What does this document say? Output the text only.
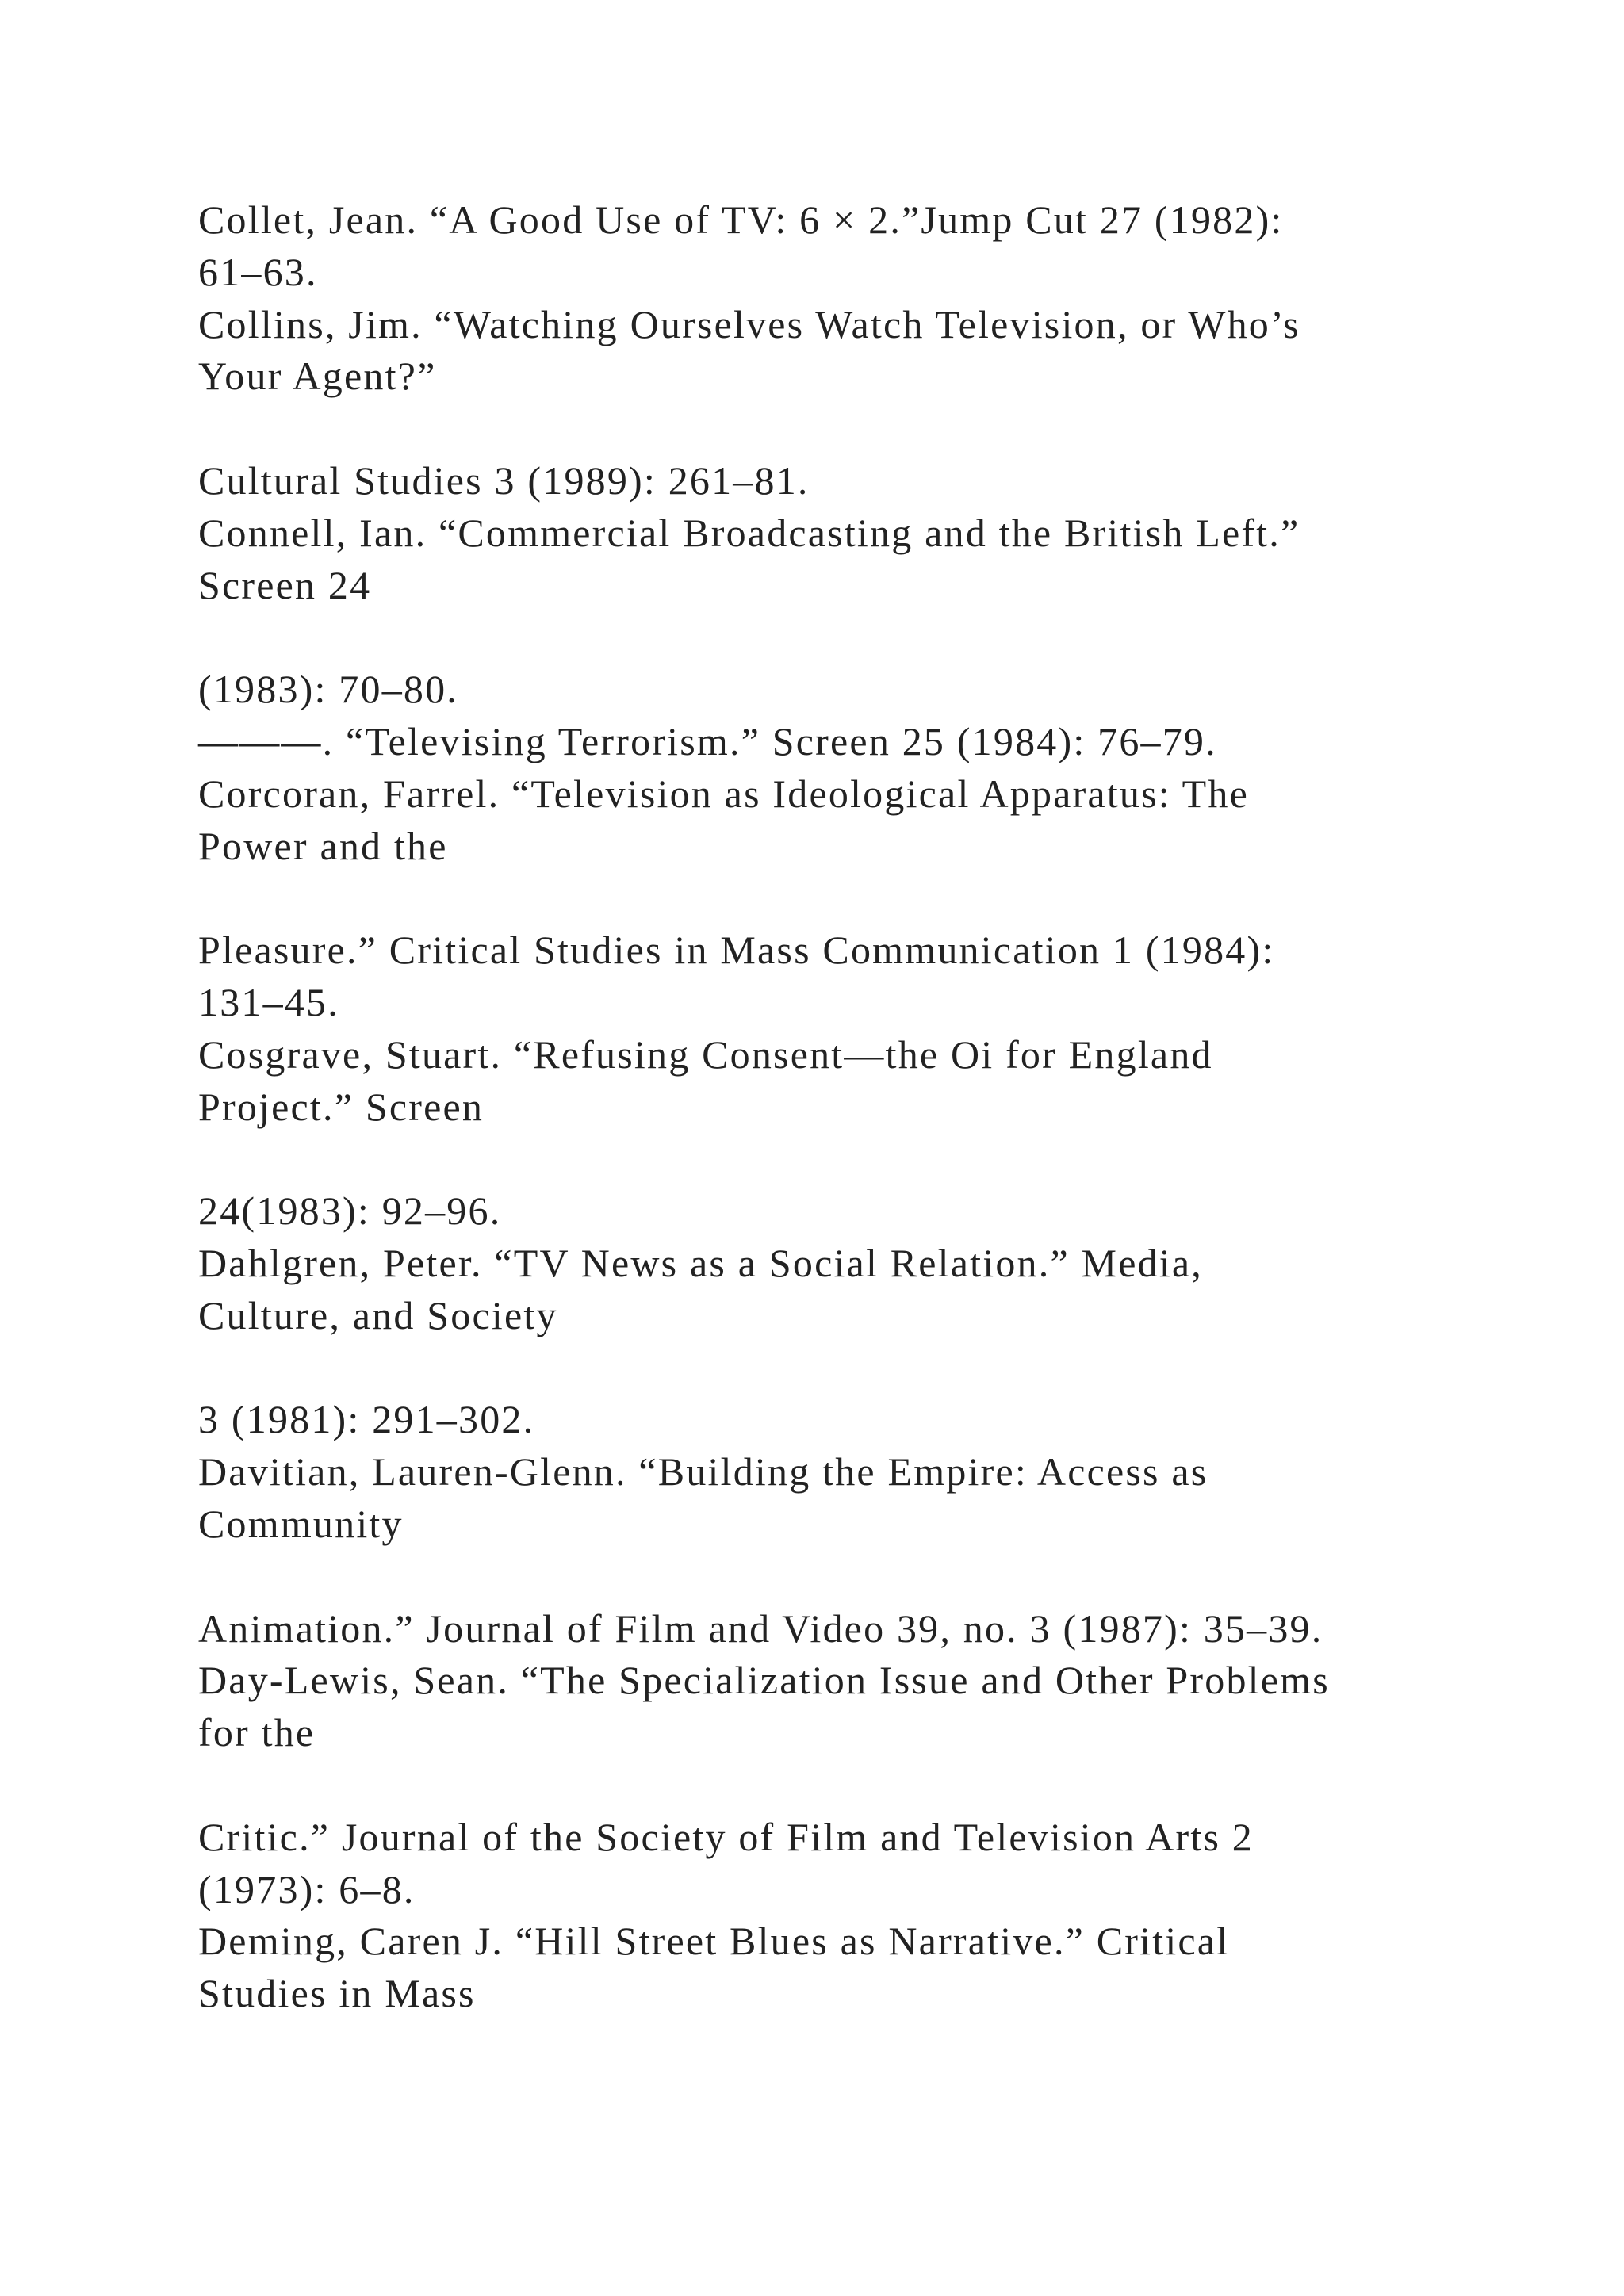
Collet, Jean. “A Good Use of TV: 6 × 2.”Jump Cut 27 (1982):
61–63.
Collins, Jim. “Watching Ourselves Watch Television, or Who’s
Your Agent?”
Cultural Studies 3 (1989): 261–81.
Connell, Ian. “Commercial Broadcasting and the British Left.”
Screen 24
(1983): 70–80.
———. “Televising Terrorism.” Screen 25 (1984): 76–79.
Corcoran, Farrel. “Television as Ideological Apparatus: The
Power and the
Pleasure.” Critical Studies in Mass Communication 1 (1984):
131–45.
Cosgrave, Stuart. “Refusing Consent—the Oi for England
Project.” Screen
24(1983): 92–96.
Dahlgren, Peter. “TV News as a Social Relation.” Media,
Culture, and Society
3 (1981): 291–302.
Davitian, Lauren-Glenn. “Building the Empire: Access as
Community
Animation.” Journal of Film and Video 39, no. 3 (1987): 35–39.
Day-Lewis, Sean. “The Specialization Issue and Other Problems
for the
Critic.” Journal of the Society of Film and Television Arts 2
(1973): 6–8.
Deming, Caren J. “Hill Street Blues as Narrative.” Critical
Studies in Mass
